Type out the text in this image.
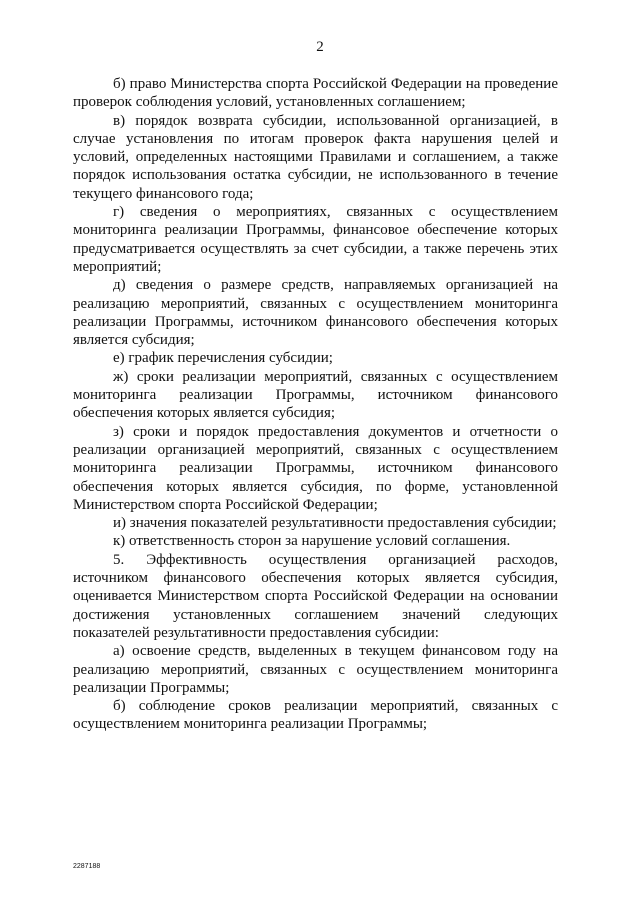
2

б) право Министерства спорта Российской Федерации на проведение проверок соблюдения условий, установленных соглашением;

в) порядок возврата субсидии, использованной организацией, в случае установления по итогам проверок факта нарушения целей и условий, определенных настоящими Правилами и соглашением, а также порядок использования остатка субсидии, не использованного в течение текущего финансового года;

г) сведения о мероприятиях, связанных с осуществлением мониторинга реализации Программы, финансовое обеспечение которых предусматривается осуществлять за счет субсидии, а также перечень этих мероприятий;

д) сведения о размере средств, направляемых организацией на реализацию мероприятий, связанных с осуществлением мониторинга реализации Программы, источником финансового обеспечения которых является субсидия;

е) график перечисления субсидии;

ж) сроки реализации мероприятий, связанных с осуществлением мониторинга реализации Программы, источником финансового обеспечения которых является субсидия;

з) сроки и порядок предоставления документов и отчетности о реализации организацией мероприятий, связанных с осуществлением мониторинга реализации Программы, источником финансового обеспечения которых является субсидия, по форме, установленной Министерством спорта Российской Федерации;

и) значения показателей результативности предоставления субсидии;

к) ответственность сторон за нарушение условий соглашения.

5. Эффективность осуществления организацией расходов, источником финансового обеспечения которых является субсидия, оценивается Министерством спорта Российской Федерации на основании достижения установленных соглашением значений следующих показателей результативности предоставления субсидии:

а) освоение средств, выделенных в текущем финансовом году на реализацию мероприятий, связанных с осуществлением мониторинга реализации Программы;

б) соблюдение сроков реализации мероприятий, связанных с осуществлением мониторинга реализации Программы;

2287188
